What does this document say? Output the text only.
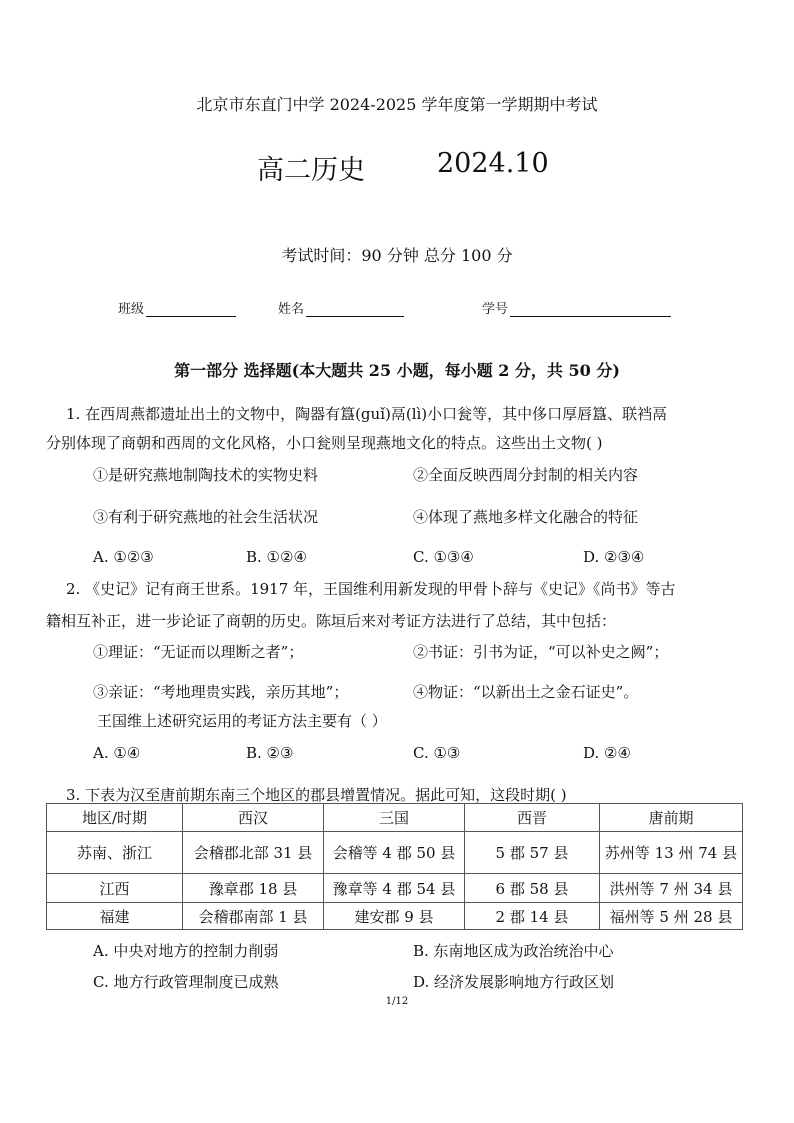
北京市东直门中学 2024-2025 学年度第一学期期中考试
高二历史	2024.10
考试时间：90 分钟 总分 100 分
班级	姓名	学号
第一部分 选择题(本大题共 25 小题，每小题 2 分，共 50 分)
1. 在西周燕都遗址出土的文物中，陶器有簋(guǐ)鬲(lì)小口瓮等，其中侈口厚唇簋、联裆鬲
分别体现了商朝和西周的文化风格，小口瓮则呈现燕地文化的特点。这些出土文物( )
①是研究燕地制陶技术的实物史料	②全面反映西周分封制的相关内容
③有利于研究燕地的社会生活状况	④体现了燕地多样文化融合的特征
A. ①②③	B. ①②④	C. ①③④	D. ②③④
2. 《史记》记有商王世系。1917 年，王国维利用新发现的甲骨卜辞与《史记》《尚书》等古
籍相互补正，进一步论证了商朝的历史。陈垣后来对考证方法进行了总结，其中包括：
①理证：“无证而以理断之者”；	②书证：引书为证，“可以补史之阙”；
③亲证：“考地理贵实践，亲历其地”；	④物证：“以新出土之金石证史”。
王国维上述研究运用的考证方法主要有（ ）
A. ①④	B. ②③	C. ①③	D. ②④
3. 下表为汉至唐前期东南三个地区的郡县增置情况。据此可知，这段时期( )
地区/时期	西汉	三国	西晋	唐前期
苏南、浙江	会稽郡北部 31 县	会稽等 4 郡 50 县	5 郡 57 县	苏州等 13 州 74 县
江西	豫章郡 18 县	豫章等 4 郡 54 县	6 郡 58 县	洪州等 7 州 34 县
福建	会稽郡南部 1 县	建安郡 9 县	2 郡 14 县	福州等 5 州 28 县
A. 中央对地方的控制力削弱	B. 东南地区成为政治统治中心
C. 地方行政管理制度已成熟	D. 经济发展影响地方行政区划
1/12
